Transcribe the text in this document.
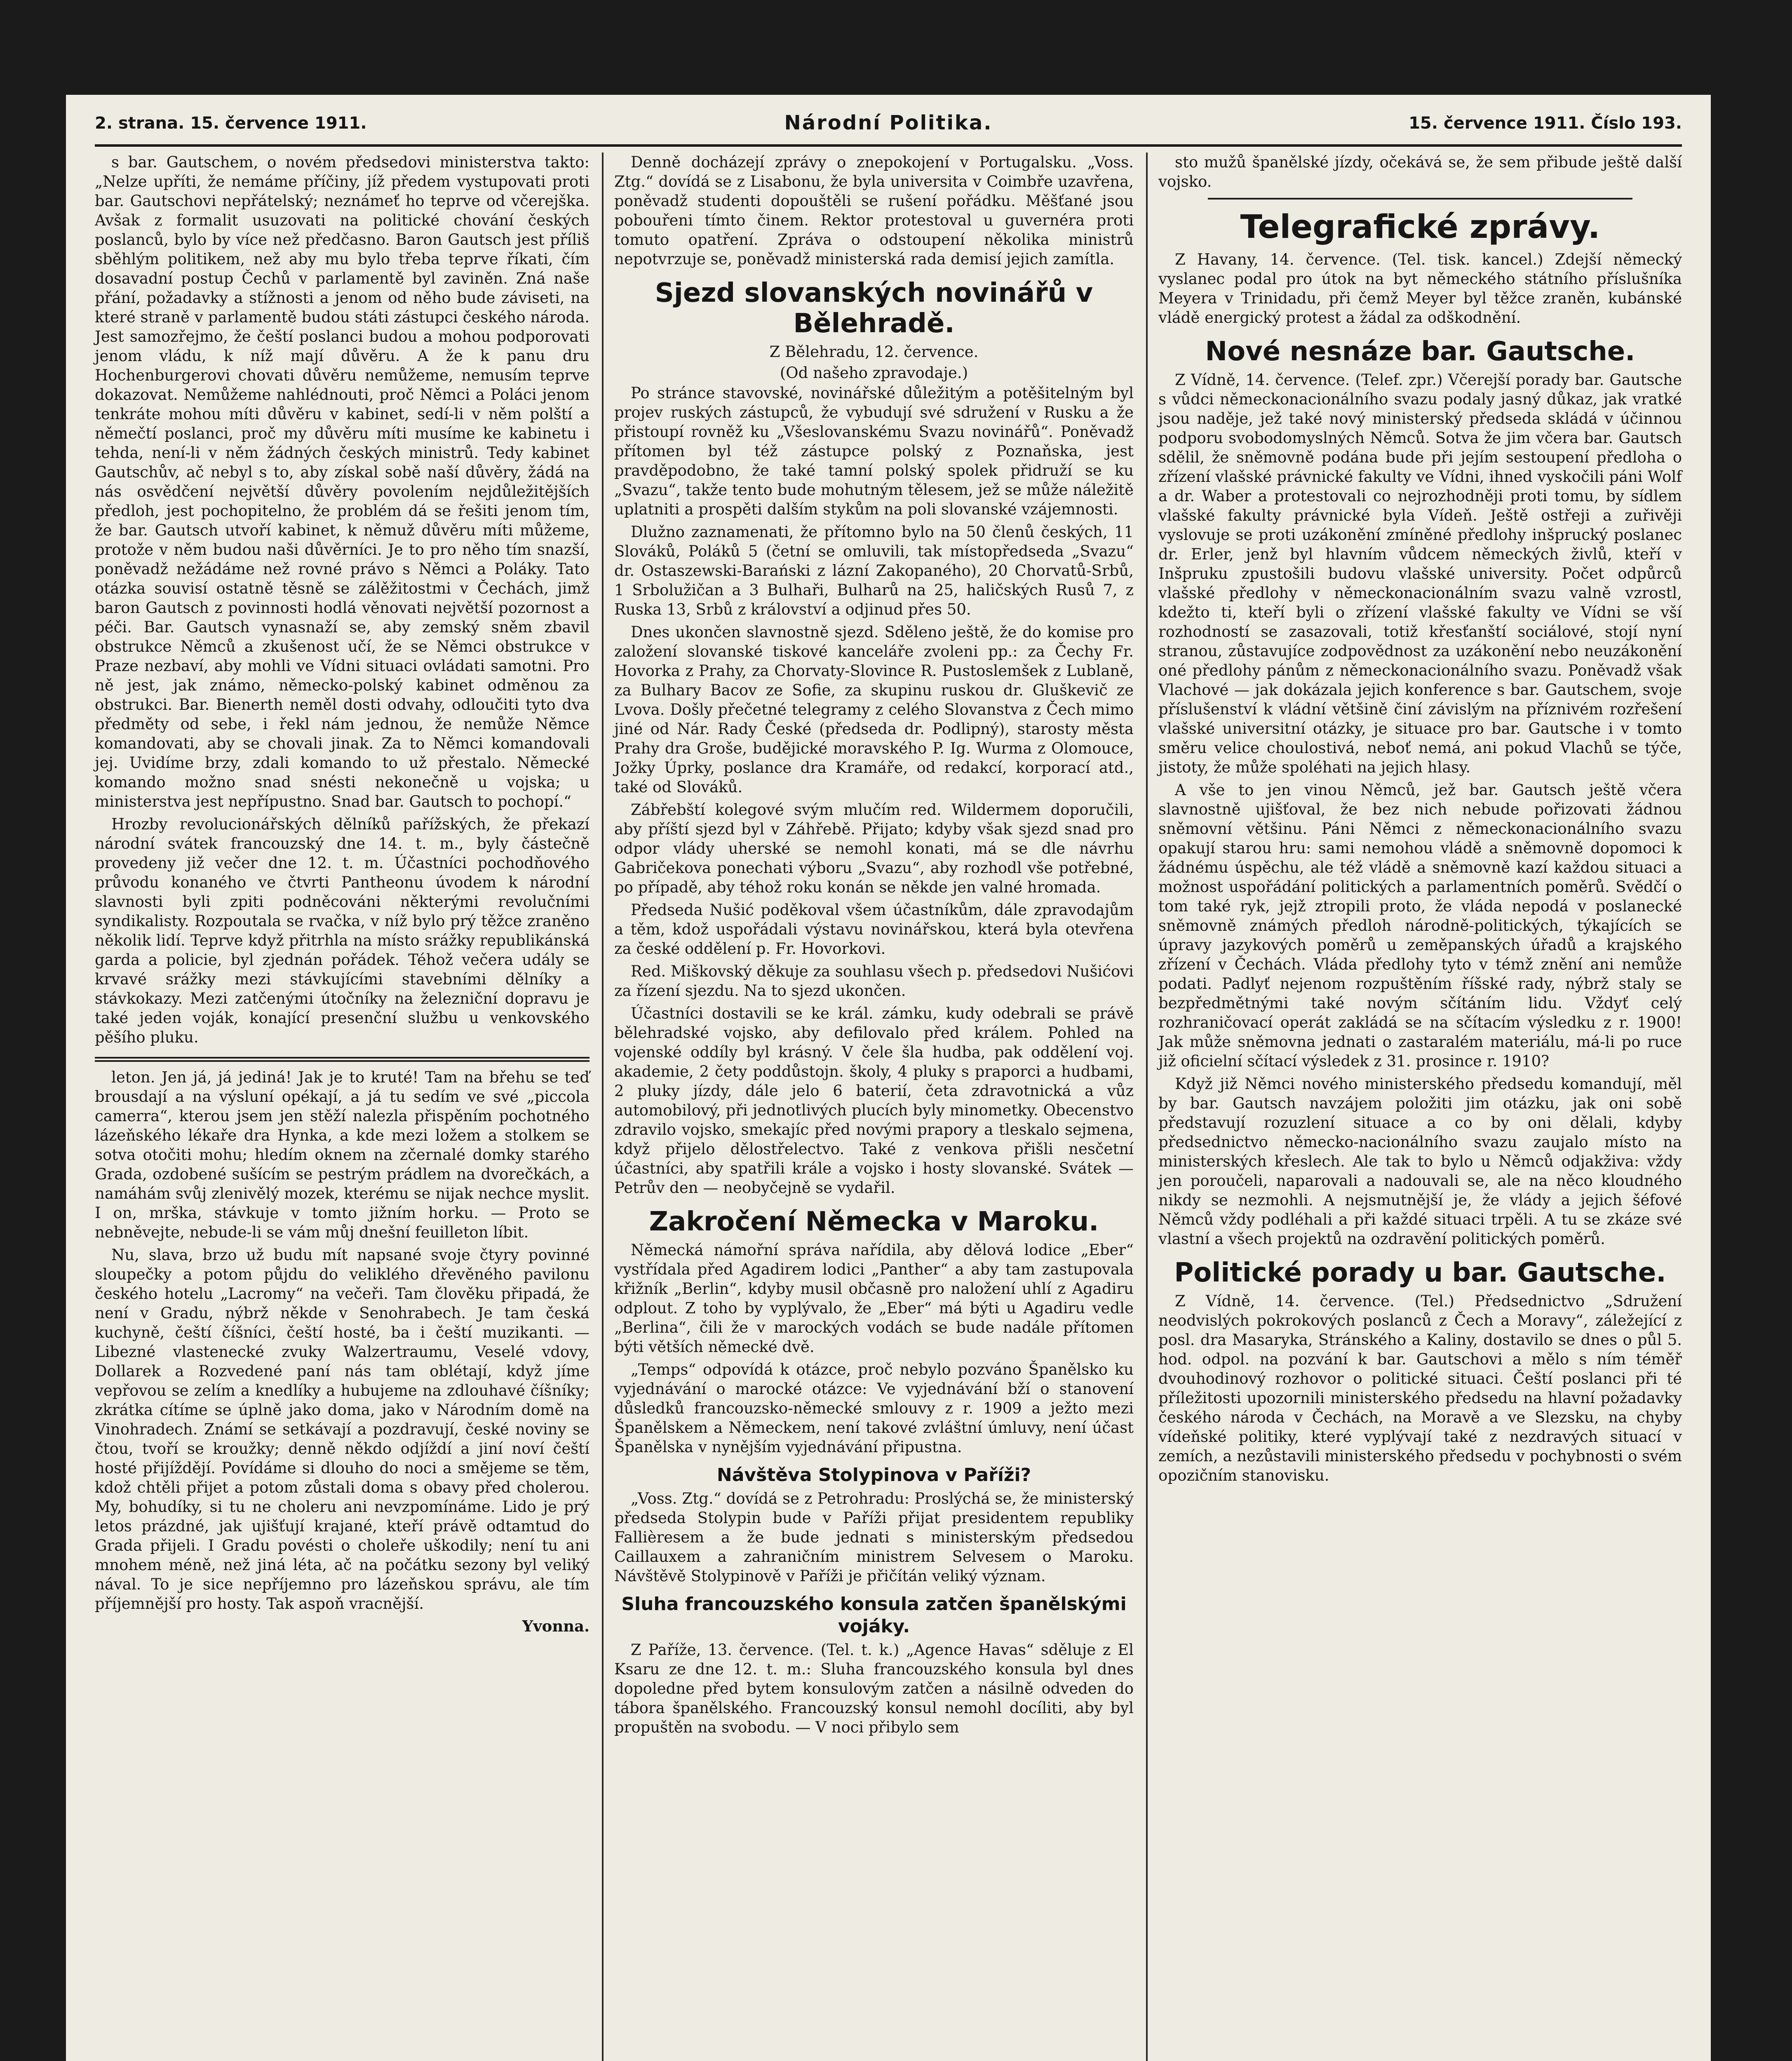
2. strana. 15. července 1911.	Národní Politika.	15. července 1911. Číslo 193.

s bar. Gautschem, o novém předsedovi ministerstva takto: „Nelze upříti, že nemáme příčiny, jíž předem vystupovati proti bar. Gautschovi nepřátelský; neznámeť ho teprve od včerejška. Avšak z formalit usuzovati na politické chování českých poslanců, bylo by více než předčasno. Baron Gautsch jest příliš sběhlým politikem, než aby mu bylo třeba teprve říkati, čím dosavadní postup Čechů v parlamentě byl zaviněn. Zná naše přání, požadavky a stížnosti a jenom od něho bude záviseti, na které straně v parlamentě budou státi zástupci českého národa. Jest samozřejmo, že čeští poslanci budou a mohou podporovati jenom vládu, k níž mají důvěru. A že k panu dru Hochenburgerovi chovati důvěru nemůžeme, nemusím teprve dokazovat. Nemůžeme nahlédnouti, proč Němci a Poláci jenom tenkráte mohou míti důvěru v kabinet, sedí-li v něm polští a němečtí poslanci, proč my důvěru míti musíme ke kabinetu i tehda, není-li v něm žádných českých ministrů. Tedy kabinet Gautschův, ač nebyl s to, aby získal sobě naší důvěry, žádá na nás osvědčení největší důvěry povolením nejdůležitějších předloh, jest pochopitelno, že problém dá se řešiti jenom tím, že bar. Gautsch utvoří kabinet, k němuž důvěru míti můžeme, protože v něm budou naši důvěrníci. Je to pro něho tím snazší, poněvadž nežádáme než rovné právo s Němci a Poláky. Tato otázka souvisí ostatně těsně se zálěžitostmi v Čechách, jimž baron Gautsch z povinnosti hodlá věnovati největší pozornost a péči. Bar. Gautsch vynasnaží se, aby zemský sněm zbavil obstrukce Němců a zkušenost učí, že se Němci obstrukce v Praze nezbaví, aby mohli ve Vídni situaci ovládati samotni. Pro ně jest, jak známo, německo-polský kabinet odměnou za obstrukci. Bar. Bienerth neměl dosti odvahy, odloučiti tyto dva předměty od sebe, i řekl nám jednou, že nemůže Němce komandovati, aby se chovali jinak. Za to Němci komandovali jej. Uvidíme brzy, zdali komando to už přestalo. Německé komando možno snad snésti nekonečně u vojska; u ministerstva jest nepřípustno. Snad bar. Gautsch to pochopí.“

Hrozby revolucionářských dělníků pařížských, že překazí národní svátek francouzský dne 14. t. m., byly částečně provedeny již večer dne 12. t. m. Účastníci pochodňového průvodu konaného ve čtvrti Pantheonu úvodem k národní slavnosti byli zpiti podněcováni některými revolučními syndikalisty. Rozpoutala se rvačka, v níž bylo prý těžce zraněno několik lidí. Teprve když přitrhla na místo srážky republikánská garda a policie, byl zjednán pořádek. Téhož večera udály se krvavé srážky mezi stávkujícími stavebními dělníky a stávkokazy. Mezi zatčenými útočníky na železniční dopravu je také jeden voják, konající presenční službu u venkovského pěšího pluku.

leton. Jen já, já jediná! Jak je to kruté! Tam na břehu se teď brousdají a na výsluní opékají, a já tu sedím ve své „piccola camerra“, kterou jsem jen stěží nalezla přispěním pochotného lázeňského lékaře dra Hynka, a kde mezi ložem a stolkem se sotva otočiti mohu; hledím oknem na zčernalé domky starého Grada, ozdobené sušícím se pestrým prádlem na dvorečkách, a namáhám svůj zlenivělý mozek, kterému se nijak nechce myslit. I on, mrška, stávkuje v tomto jižním horku. — Proto se nebněvejte, nebude-li se vám můj dnešní feuilleton líbit.

Nu, slava, brzo už budu mít napsané svoje čtyry povinné sloupečky a potom půjdu do veliklého dřevěného pavilonu českého hotelu „Lacromy“ na večeři. Tam člověku připadá, že není v Gradu, nýbrž někde v Senohrabech. Je tam česká kuchyně, čeští číšníci, čeští hosté, ba i čeští muzikanti. — Libezné vlastenecké zvuky Walzertraumu, Veselé vdovy, Dollarek a Rozvedené paní nás tam oblétají, když jíme vepřovou se zelím a knedlíky a hubujeme na zdlouhavé číšníky; zkrátka cítíme se úplně jako doma, jako v Národním domě na Vinohradech. Známí se setkávají a pozdravují, české noviny se čtou, tvoří se kroužky; denně někdo odjíždí a jiní noví čeští hosté přijíždějí. Povídáme si dlouho do noci a smějeme se těm, kdož chtěli přijet a potom zůstali doma s obavy před cholerou. My, bohudíky, si tu ne choleru ani nevzpomínáme. Lido je prý letos prázdné, jak ujišťují krajané, kteří právě odtamtud do Grada přijeli. I Gradu povésti o choleře uškodily; není tu ani mnohem méně, než jiná léta, ač na počátku sezony byl veliký nával. To je sice nepříjemno pro lázeňskou správu, ale tím příjemnější pro hosty. Tak aspoň vracnější.

Yvonna.

Denně docházejí zprávy o znepokojení v Portugalsku. „Voss. Ztg.“ dovídá se z Lisabonu, že byla universita v Coimbře uzavřena, poněvadž studenti dopouštěli se rušení pořádku. Měšťané jsou pobouřeni tímto činem. Rektor protestoval u guvernéra proti tomuto opatření. Zpráva o odstoupení několika ministrů nepotvrzuje se, poněvadž ministerská rada demisí jejich zamítla.

Sjezd slovanských novinářů v Bělehradě.
Z Bělehradu, 12. července.
(Od našeho zpravodaje.)

Po stránce stavovské, novinářské důležitým a potěšitelným byl projev ruských zástupců, že vybudují své sdružení v Rusku a že přistoupí rovněž ku „Všeslovanskému Svazu novinářů“. Poněvadž přítomen byl též zástupce polský z Poznaňska, jest pravděpodobno, že také tamní polský spolek přidruží se ku „Svazu“, takže tento bude mohutným tělesem, jež se může náležitě uplatniti a prospěti dalším stykům na poli slovanské vzájemnosti.

Dlužno zaznamenati, že přítomno bylo na 50 členů českých, 11 Slováků, Poláků 5 (četní se omluvili, tak místopředseda „Svazu“ dr. Ostaszewski-Barański z lázní Zakopaného), 20 Chorvatů-Srbů, 1 Srbolužičan a 3 Bulhaři, Bulharů na 25, haličských Rusů 7, z Ruska 13, Srbů z království a odjinud přes 50.

Dnes ukončen slavnostně sjezd. Sděleno ještě, že do komise pro založení slovanské tiskové kanceláře zvoleni pp.: za Čechy Fr. Hovorka z Prahy, za Chorvaty-Slovince R. Pustoslemšek z Lublaně, za Bulhary Bacov ze Sofie, za skupinu ruskou dr. Gluškevič ze Lvova. Došly přečetné telegramy z celého Slovanstva z Čech mimo jiné od Nár. Rady České (předseda dr. Podlipný), starosty města Prahy dra Groše, budějické moravského P. Ig. Wurma z Olomouce, Jožky Úprky, poslance dra Kramáře, od redakcí, korporací atd., také od Slováků.

Zábřebští kolegové svým mlučím red. Wildermem doporučili, aby příští sjezd byl v Záhřebě. Přijato; kdyby však sjezd snad pro odpor vlády uherské se nemohl konati, má se dle návrhu Gabričekova ponechati výboru „Svazu“, aby rozhodl vše potřebné, po případě, aby téhož roku konán se někde jen valné hromada.

Předseda Nušić poděkoval všem účastníkům, dále zpravodajům a těm, kdož uspořádali výstavu novinářskou, která byla otevřena za české oddělení p. Fr. Hovorkovi.

Red. Miškovský děkuje za souhlasu všech p. předsedovi Nušićovi za řízení sjezdu. Na to sjezd ukončen.

Účastníci dostavili se ke král. zámku, kudy odebrali se právě bělehradské vojsko, aby defilovalo před králem. Pohled na vojenské oddíly byl krásný. V čele šla hudba, pak oddělení voj. akademie, 2 čety poddůstojn. školy, 4 pluky s praporci a hudbami, 2 pluky jízdy, dále jelo 6 baterií, četa zdravotnická a vůz automobilový, při jednotlivých plucích byly minometky. Obecenstvo zdravilo vojsko, smekajíc před novými prapory a tleskalo sejmena, když přijelo dělostřelectvo. Také z venkova přišli nesčetní účastníci, aby spatřili krále a vojsko i hosty slovanské. Svátek — Petrův den — neobyčejně se vydařil.

Zakročení Německa v Maroku.

Německá námořní správa nařídila, aby dělová lodice „Eber“ vystřídala před Agadirem lodici „Panther“ a aby tam zastupovala křižník „Berlin“, kdyby musil občasně pro naložení uhlí z Agadiru odplout. Z toho by vyplývalo, že „Eber“ má býti u Agadiru vedle „Berlina“, čili že v marockých vodách se bude nadále přítomen býti větších německé dvě.

„Temps“ odpovídá k otázce, proč nebylo pozváno Španělsko ku vyjednávání o marocké otázce: Ve vyjednávání bží o stanovení důsledků francouzsko-německé smlouvy z r. 1909 a ježto mezi Španělskem a Německem, není takové zvláštní úmluvy, není účast Španělska v nynějším vyjednávání připustna.

Návštěva Stolypinova v Paříži?

„Voss. Ztg.“ dovídá se z Petrohradu: Proslýchá se, že ministerský předseda Stolypin bude v Paříži přijat presidentem republiky Fallièresem a že bude jednati s ministerským předsedou Caillauxem a zahraničním ministrem Selvesem o Maroku. Návštěvě Stolypinově v Paříži je přičítán veliký význam.

Sluha francouzského konsula zatčen španělskými vojáky.

Z Paříže, 13. července. (Tel. t. k.) „Agence Havas“ sděluje z El Ksaru ze dne 12. t. m.: Sluha francouzského konsula byl dnes dopoledne před bytem konsulovým zatčen a násilně odveden do tábora španělského. Francouzský konsul nemohl docíliti, aby byl propuštěn na svobodu. — V noci přibylo sem

sto mužů španělské jízdy, očekává se, že sem přibude ještě další vojsko.

Telegrafické zprávy.

Z Havany, 14. července. (Tel. tisk. kancel.) Zdejší německý vyslanec podal pro útok na byt německého státního příslušníka Meyera v Trinidadu, při čemž Meyer byl těžce zraněn, kubánské vládě energický protest a žádal za odškodnění.

Nové nesnáze bar. Gautsche.

Z Vídně, 14. července. (Telef. zpr.) Včerejší porady bar. Gautsche s vůdci německonacionálního svazu podaly jasný důkaz, jak vratké jsou naděje, jež také nový ministerský předseda skládá v účinnou podporu svobodomyslných Němců. Sotva že jim včera bar. Gautsch sdělil, že sněmovně podána bude při jejím sestoupení předloha o zřízení vlašské právnické fakulty ve Vídni, ihned vyskočili páni Wolf a dr. Waber a protestovali co nejrozhodněji proti tomu, by sídlem vlašské fakulty právnické byla Vídeň. Ještě ostřeji a zuřivěji vyslovuje se proti uzákonění zmíněné předlohy inšprucký poslanec dr. Erler, jenž byl hlavním vůdcem německých živlů, kteří v Inšpruku zpustošili budovu vlašské university. Počet odpůrců vlašské předlohy v německonacionálním svazu valně vzrostl, kdežto ti, kteří byli o zřízení vlašské fakulty ve Vídni se vší rozhodností se zasazovali, totiž křesťanští sociálové, stojí nyní stranou, zůstavujíce zodpovědnost za uzákonění nebo neuzákonění oné předlohy pánům z německonacionálního svazu. Poněvadž však Vlachové — jak dokázala jejich konference s bar. Gautschem, svoje příslušenství k vládní většině činí závislým na příznivém rozřešení vlašské universitní otázky, je situace pro bar. Gautsche i v tomto směru velice choulostivá, neboť nemá, ani pokud Vlachů se týče, jistoty, že může spoléhati na jejich hlasy.

A vše to jen vinou Němců, jež bar. Gautsch ještě včera slavnostně ujišťoval, že bez nich nebude pořizovati žádnou sněmovní většinu. Páni Němci z německonacionálního svazu opakují starou hru: sami nemohou vládě a sněmovně dopomoci k žádnému úspěchu, ale též vládě a sněmovně kazí každou situaci a možnost uspořádání politických a parlamentních poměrů. Svědčí o tom také ryk, jejž ztropili proto, že vláda nepodá v poslanecké sněmovně známých předloh národně-politických, týkajících se úpravy jazykových poměrů u zeměpanských úřadů a krajského zřízení v Čechách. Vláda předlohy tyto v témž znění ani nemůže podati. Padlyť nejenom rozpuštěním říšské rady, nýbrž staly se bezpředmětnými také novým sčítáním lidu. Vždyť celý rozhraničovací operát zakládá se na sčítacím výsledku z r. 1900! Jak může sněmovna jednati o zastaralém materiálu, má-li po ruce již oficielní sčítací výsledek z 31. prosince r. 1910?

Když již Němci nového ministerského předsedu komandují, měl by bar. Gautsch navzájem položiti jim otázku, jak oni sobě představují rozuzlení situace a co by oni dělali, kdyby předsednictvo německo-nacionálního svazu zaujalo místo na ministerských křeslech. Ale tak to bylo u Němců odjakživa: vždy jen poroučeli, naparovali a nadouvali se, ale na něco kloudného nikdy se nezmohli. A nejsmutnější je, že vlády a jejich šéfové Němců vždy podléhali a při každé situaci trpěli. A tu se zkáze své vlastní a všech projektů na ozdravění politických poměrů.

Politické porady u bar. Gautsche.

Z Vídně, 14. července. (Tel.) Předsednictvo „Sdružení neodvislých pokrokových poslanců z Čech a Moravy“, záležející z posl. dra Masaryka, Stránského a Kaliny, dostavilo se dnes o půl 5. hod. odpol. na pozvání k bar. Gautschovi a mělo s ním téměř dvouhodinový rozhovor o politické situaci. Čeští poslanci při té příležitosti upozornili ministerského předsedu na hlavní požadavky českého národa v Čechách, na Moravě a ve Slezsku, na chyby vídeňské politiky, které vyplývají také z nezdravých situací v zemích, a nezůstavili ministerského předsedu v pochybnosti o svém opozičním stanovisku.
